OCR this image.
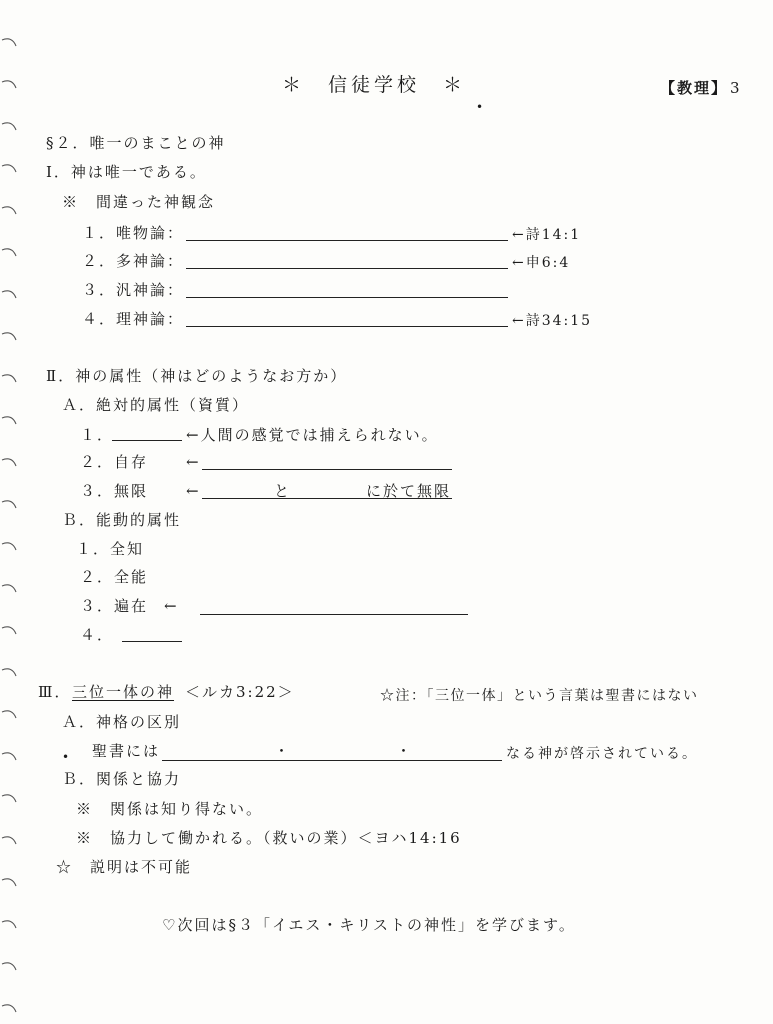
＊　信徒学校　＊	【教理】 3
•
§２．唯一のまことの神
Ⅰ．神は唯一である。
※　間違った神観念
１．唯物論：	←詩14:1
２．多神論：	←申6:4
３．汎神論：
４．理神論：	←詩34:15
Ⅱ．神の属性（神はどのようなお方か）
Ａ．絶対的属性（資質）
１．	←人間の感覚では捕えられない。
２．自存	←
３．無限	←	と	に於て無限
Ｂ．能動的属性
１．全知
２．全能
３．遍在 ←
４．
Ⅲ． 三位一体の神 ＜ルカ3:22＞	☆注：「三位一体」という言葉は聖書にはない
Ａ．神格の区別
• 聖書には	・	・	なる神が啓示されている。
Ｂ．関係と協力
※　関係は知り得ない。
※　協力して働かれる。（救いの業）＜ヨハ14:16
☆　説明は不可能
♡次回は§３「イエス・キリストの神性」を学びます。
